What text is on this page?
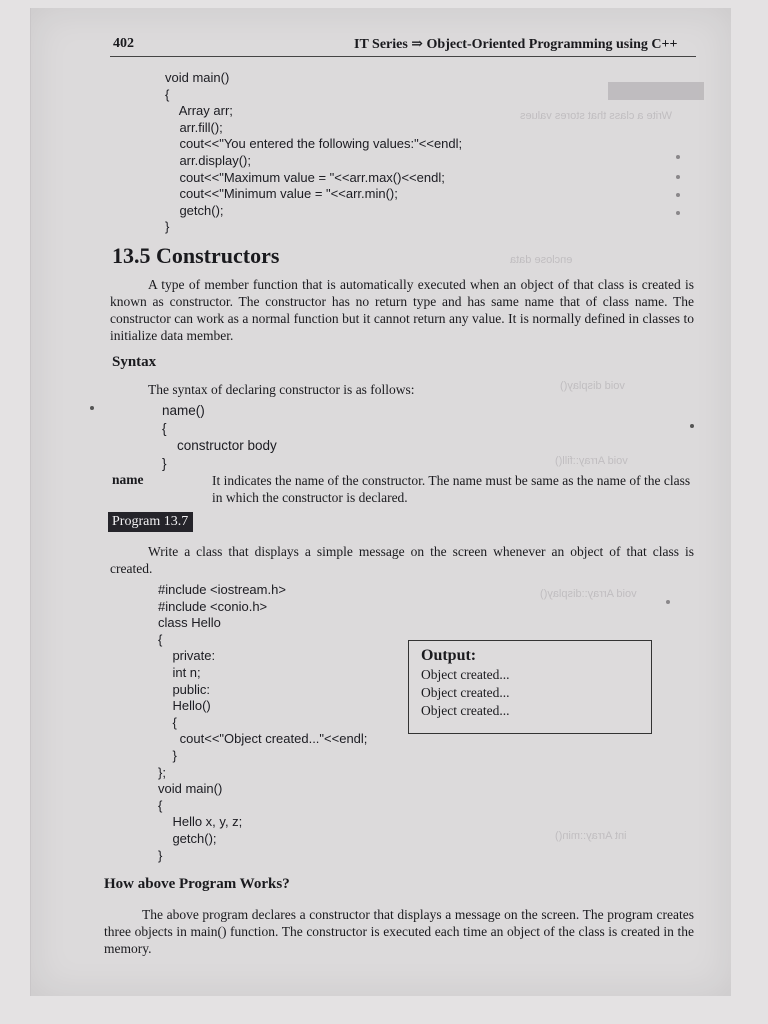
Write a class that stores values
enclose data
void display()
void Array::fill()
void Array::display()
int Array::min()
402	IT Series ⇒ Object-Oriented Programming using C++
void main()
{
Array arr;
arr.fill();
cout<<"You entered the following values:"<<endl;
arr.display();
cout<<"Maximum value = "<<arr.max()<<endl;
cout<<"Minimum value = "<<arr.min();
getch();
}
13.5 Constructors
A type of member function that is automatically executed when an object of that class is created is known as constructor. The constructor has no return type and has same name that of class name. The constructor can work as a normal function but it cannot return any value. It is normally defined in classes to initialize data member.
Syntax
The syntax of declaring constructor is as follows:
name()
{
constructor body
}
name	It indicates the name of the constructor. The name must be same as the name of the class in which the constructor is declared.
Program 13.7
Write a class that displays a simple message on the screen whenever an object of that class is created.
#include <iostream.h>
#include <conio.h>
class Hello
{
private:
int n;
public:
Hello()
{
cout<<"Object created..."<<endl;
}
};
void main()
{
Hello x, y, z;
getch();
}
Output:
Object created...
Object created...
Object created...
How above Program Works?
The above program declares a constructor that displays a message on the screen. The program creates three objects in main() function. The constructor is executed each time an object of the class is created in the memory.
